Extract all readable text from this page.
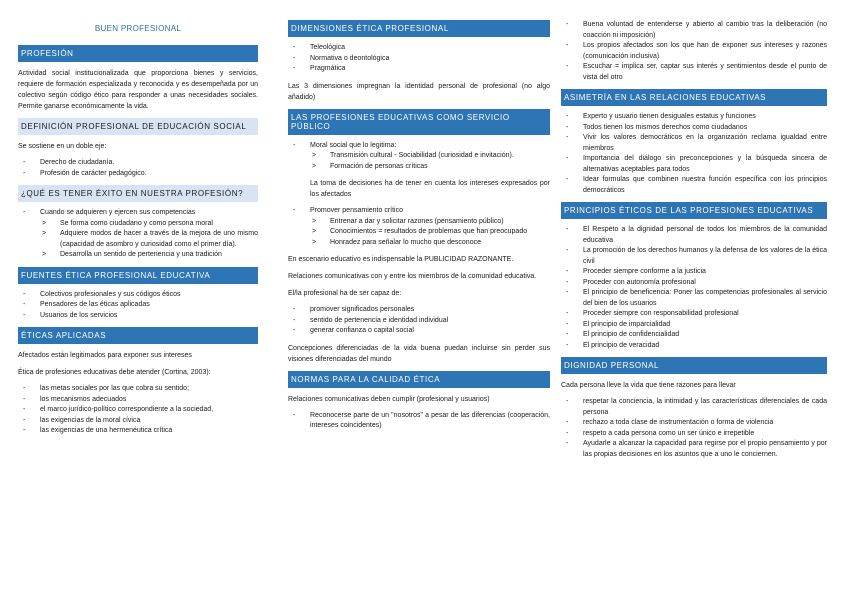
BUEN PROFESIONAL
PROFESIÓN

Actividad social institucionalizada que proporciona bienes y servicios, requiere de formación especializada y reconocida y es desempeñada por un colectivo según código ético para responder a unas necesidades sociales. Permite ganarse económicamente la vida.

DEFINICIÓN PROFESIONAL DE EDUCACIÓN SOCIAL

Se sostiene en un doble eje:

- Derecho de ciudadanía.
- Profesión de carácter pedagógico.
¿QUÉ ES TENER ÉXITO EN NUESTRA PROFESIÓN?
- Cuando se adquieren y ejercen sus competencias
> Se forma como ciudadano y como persona moral
> Adquiere modos de hacer a través de la mejora de uno mismo (capacidad de asombro y curiosidad como el primer día).
> Desarrolla un sentido de pertenencia y una tradición
FUENTES ÉTICA PROFESIONAL EDUCATIVA
- Colectivos profesionales y sus códigos éticos
- Pensadores de las éticas aplicadas
- Usuarios de los servicios
ÉTICAS APLICADAS

Afectados están legitimados para exponer sus intereses

Ética de profesiones educativas debe atender (Cortina, 2003):

- las metas sociales por las que cobra su sentido;
- los mecanismos adecuados
- el marco jurídico-político correspondiente a la sociedad,
- las exigencias de la moral cívica
- las exigencias de una hermenéutica crítica
DIMENSIONES ÉTICA PROFESIONAL
- Teleológica
- Normativa o deontológica
- Pragmática

Las 3 dimensiones impregnan la identidad personal de profesional (no algo añadido)

LAS PROFESIONES EDUCATIVAS COMO SERVICIO PÚBLICO
- Moral social que lo legitima:
> Transmisión cultural - Sociabilidad (curiosidad e invitación).
> Formación de personas críticas

La toma de decisiones ha de tener en cuenta los intereses expresados por los afectados

- Promover pensamiento crítico
> Entrenar a dar y solicitar razones (pensamiento público)
> Conocimientos = resultados de problemas que han preocupado
> Honradez para señalar lo mucho que desconoce

En escenario educativo es indispensable la PUBLICIDAD RAZONANTE.

Relaciones comunicativas con y entre los miembros de la comunidad educativa.

El/la profesional ha de ser capaz de:

- promover significados personales
- sentido de pertenencia e identidad individual
- generar confianza o capital social

Concepciones diferenciadas de la vida buena puedan incluirse sin perder sus visiones diferenciadas del mundo

NORMAS PARA LA CALIDAD ÉTICA

Relaciones comunicativas deben cumplir (profesional y usuarios)

- Reconocerse parte de un "nosotros" a pesar de las diferencias (cooperación, intereses coincidentes)
- Buena voluntad de entenderse y abierto al cambio tras la deliberación (no coacción ni imposición)
- Los propios afectados son los que han de exponer sus intereses y razones (comunicación inclusiva)
- Escuchar = implica ser, captar sus interés y sentimientos desde el punto de vista del otro
ASIMETRÍA EN LAS RELACIONES EDUCATIVAS
- Experto y usuario tienen desiguales estatus y funciones
- Todos tienen los mismos derechos como ciudadanos
- Vivir los valores democráticos en la organización reclama igualdad entre miembros
- Importancia del diálogo sin preconcepciones y la búsqueda sincera de alternativas aceptables para todos
- Idear formulas que combinen nuestra función específica con los principios democráticos
PRINCIPIOS ÉTICOS DE LAS PROFESIONES EDUCATIVAS
- El Respeto a la dignidad personal de todos los miembros de la comunidad educativa
- La promoción de los derechos humanos y la defensa de los valores de la ética civil
- Proceder siempre conforme a la justicia
- Proceder con autonomía profesional
- El principio de beneficencia: Poner las competencias profesionales al servicio del bien de los usuarios
- Proceder siempre con responsabilidad profesional
- El principio de imparcialidad
- El principio de confidencialidad
- El principio de veracidad
DIGNIDAD PERSONAL

Cada persona lleve la vida que tiene razones para llevar

- respetar la conciencia, la intimidad y las características diferenciales de cada persona
- rechazo a toda clase de instrumentación o forma de violencia
- respeto a cada persona como un ser único e irrepetible
- Ayudarle a alcanzar la capacidad para regirse por el propio pensamiento y por las propias decisiones en los asuntos que a uno le conciernen.
